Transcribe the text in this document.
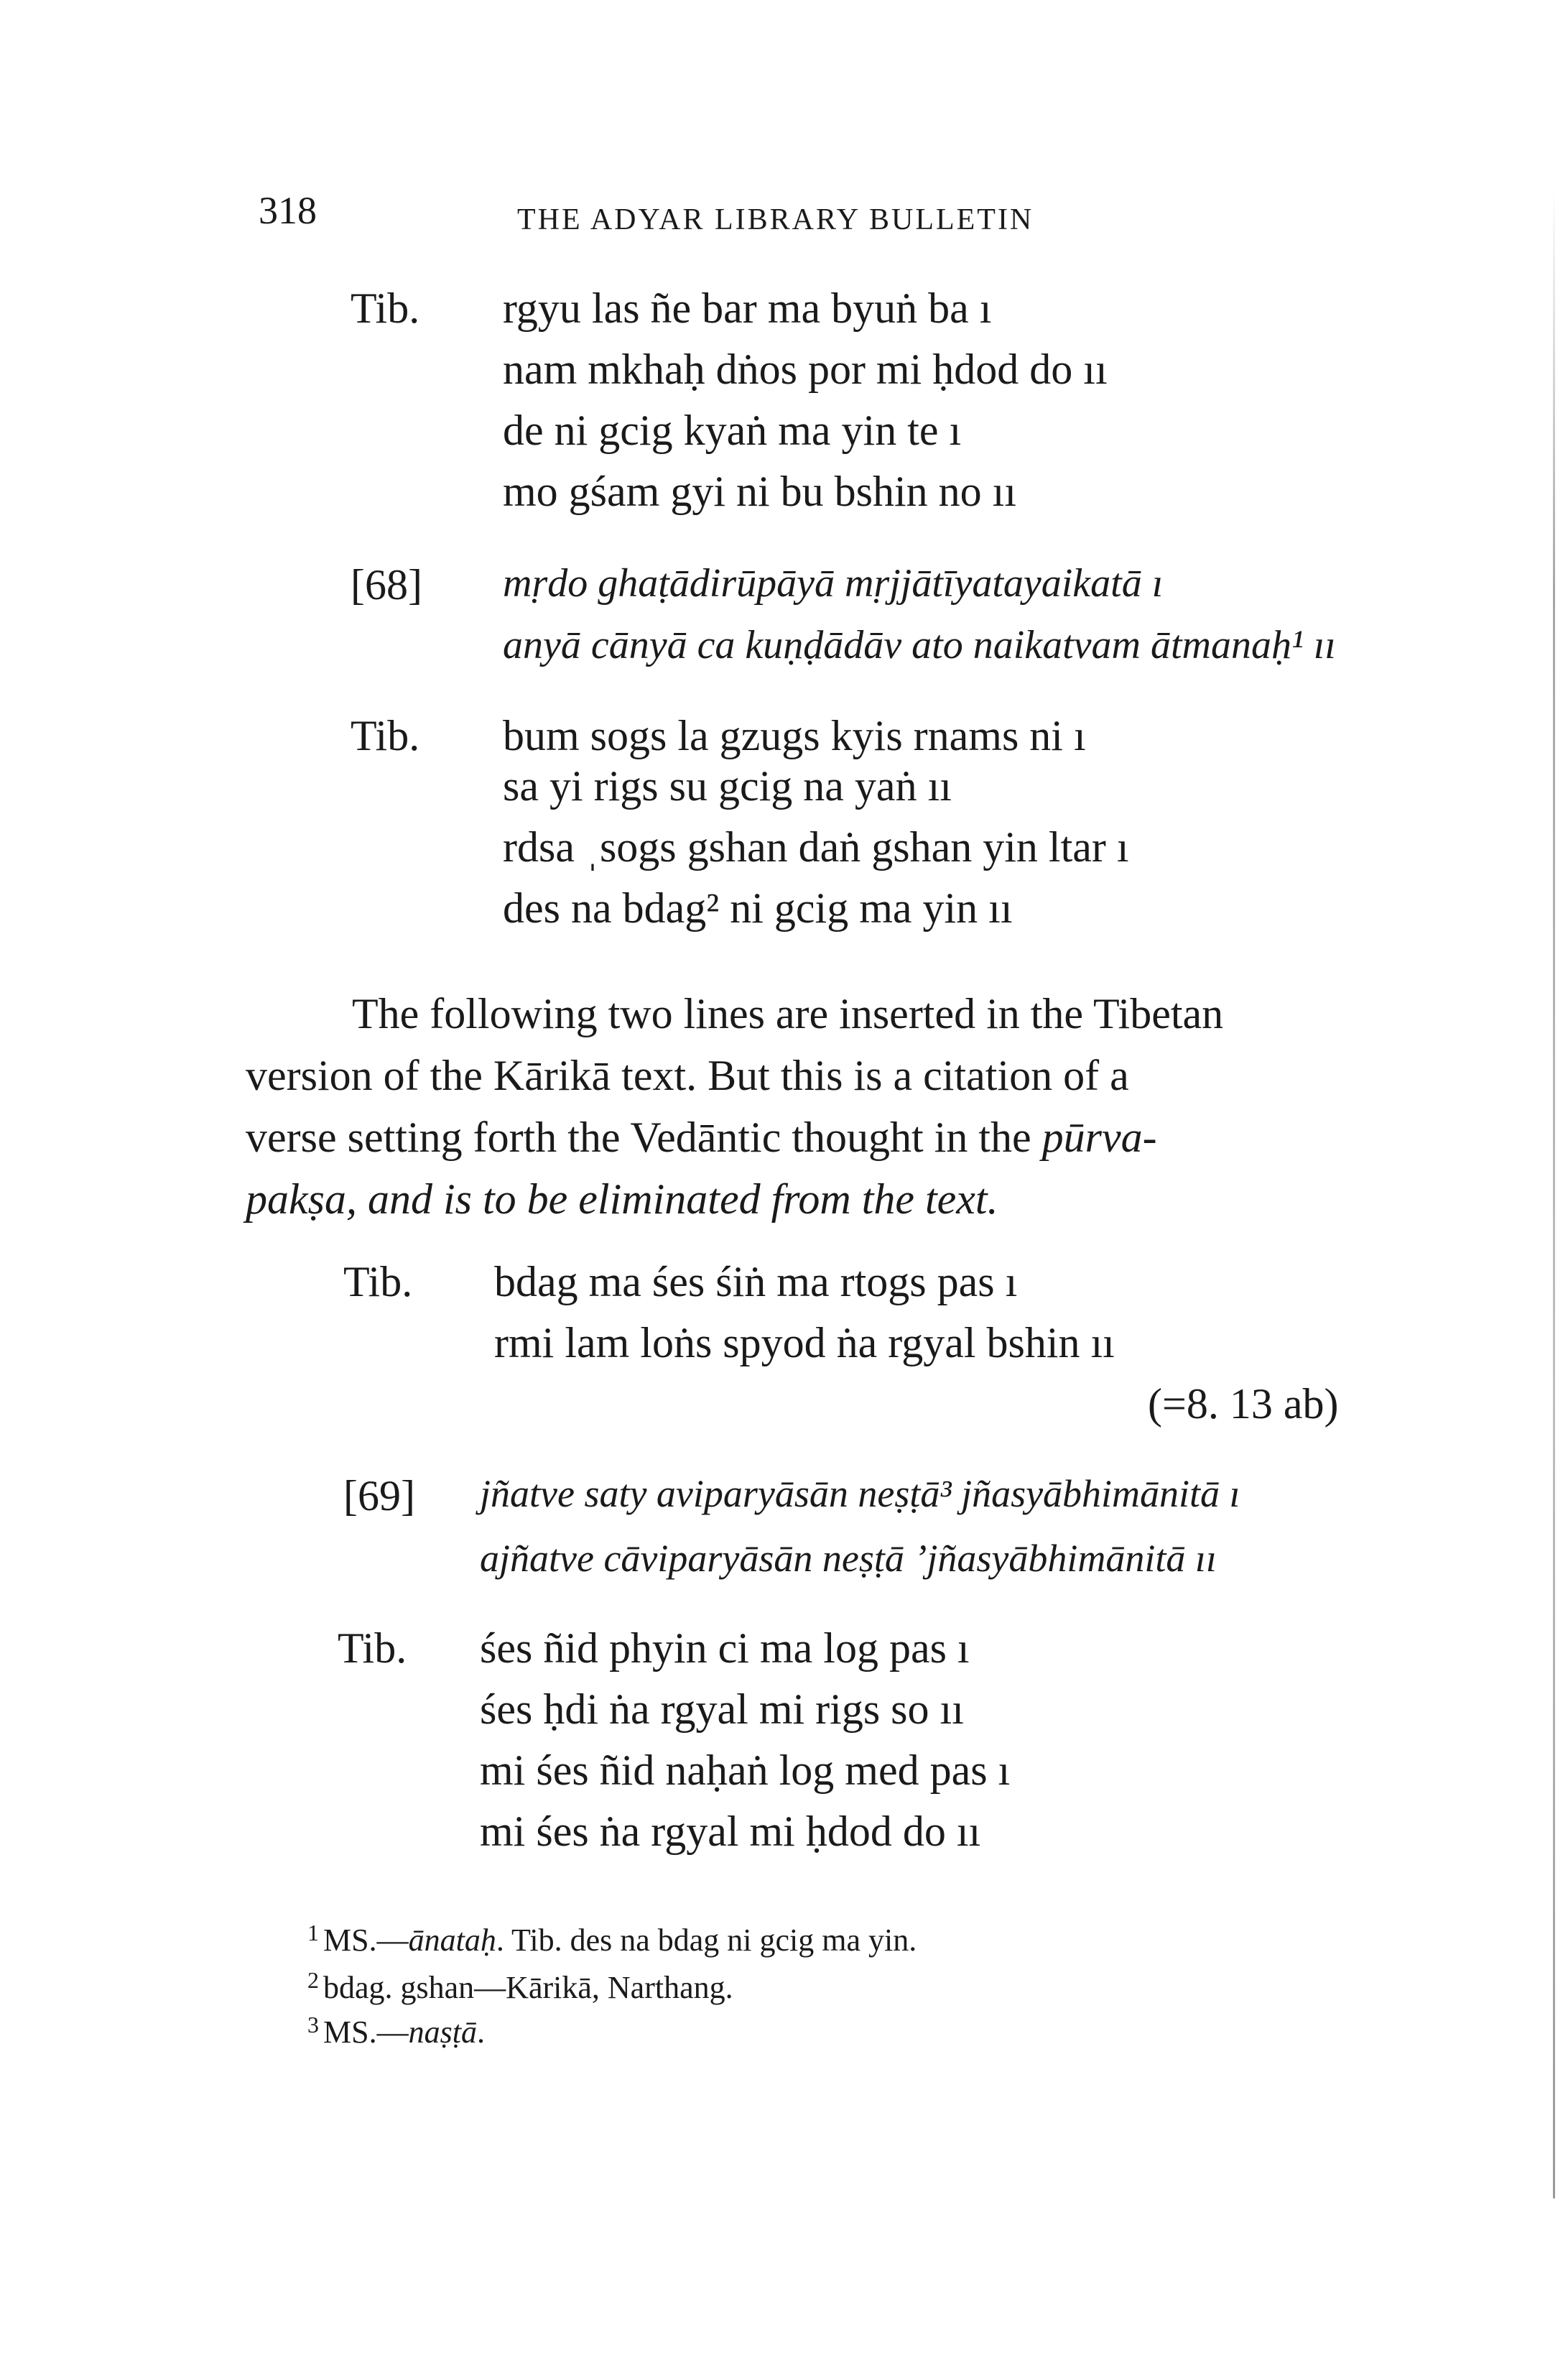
318	THE ADYAR LIBRARY BULLETIN
Tib. rgyu las ñe bar ma byuṅ ba ı
nam mkhaḥ dṅos por mi ḥdod do ıı
de ni gcig kyaṅ ma yin te ı
mo gśam gyi ni bu bshin no ıı
[68] mṛdo ghaṭādirūpāyā mṛjjātīyatayaikatā ı
anyā cānyā ca kuṇḍādāv ato naikatvam ātmanaḥ¹ ıı
Tib. bum sogs la gzugs kyis rnams ni ı
sa yi rigs su gcig na yaṅ ıı
rdsa ˌsogs gshan daṅ gshan yin ltar ı
des na bdag² ni gcig ma yin ıı
The following two lines are inserted in the Tibetan
version of the Kārikā text. But this is a citation of a
verse setting forth the Vedāntic thought in the pūrva-
pakṣa, and is to be eliminated from the text.
Tib. bdag ma śes śiṅ ma rtogs pas ı
rmi lam loṅs spyod ṅa rgyal bshin ıı
(=8. 13 ab)
[69] jñatve saty aviparyāsān neṣṭā³ jñasyābhimānitā ı
ajñatve cāviparyāsān neṣṭā ’jñasyābhimānitā ıı
Tib. śes ñid phyin ci ma log pas ı
śes ḥdi ṅa rgyal mi rigs so ıı
mi śes ñid naḥaṅ log med pas ı
mi śes ṅa rgyal mi ḥdod do ıı
$^1$ MS.—ānataḥ. Tib. des na bdag ni gcig ma yin.
$^2$ bdag. gshan—Kārikā, Narthang.
$^3$ MS.—naṣṭā.
